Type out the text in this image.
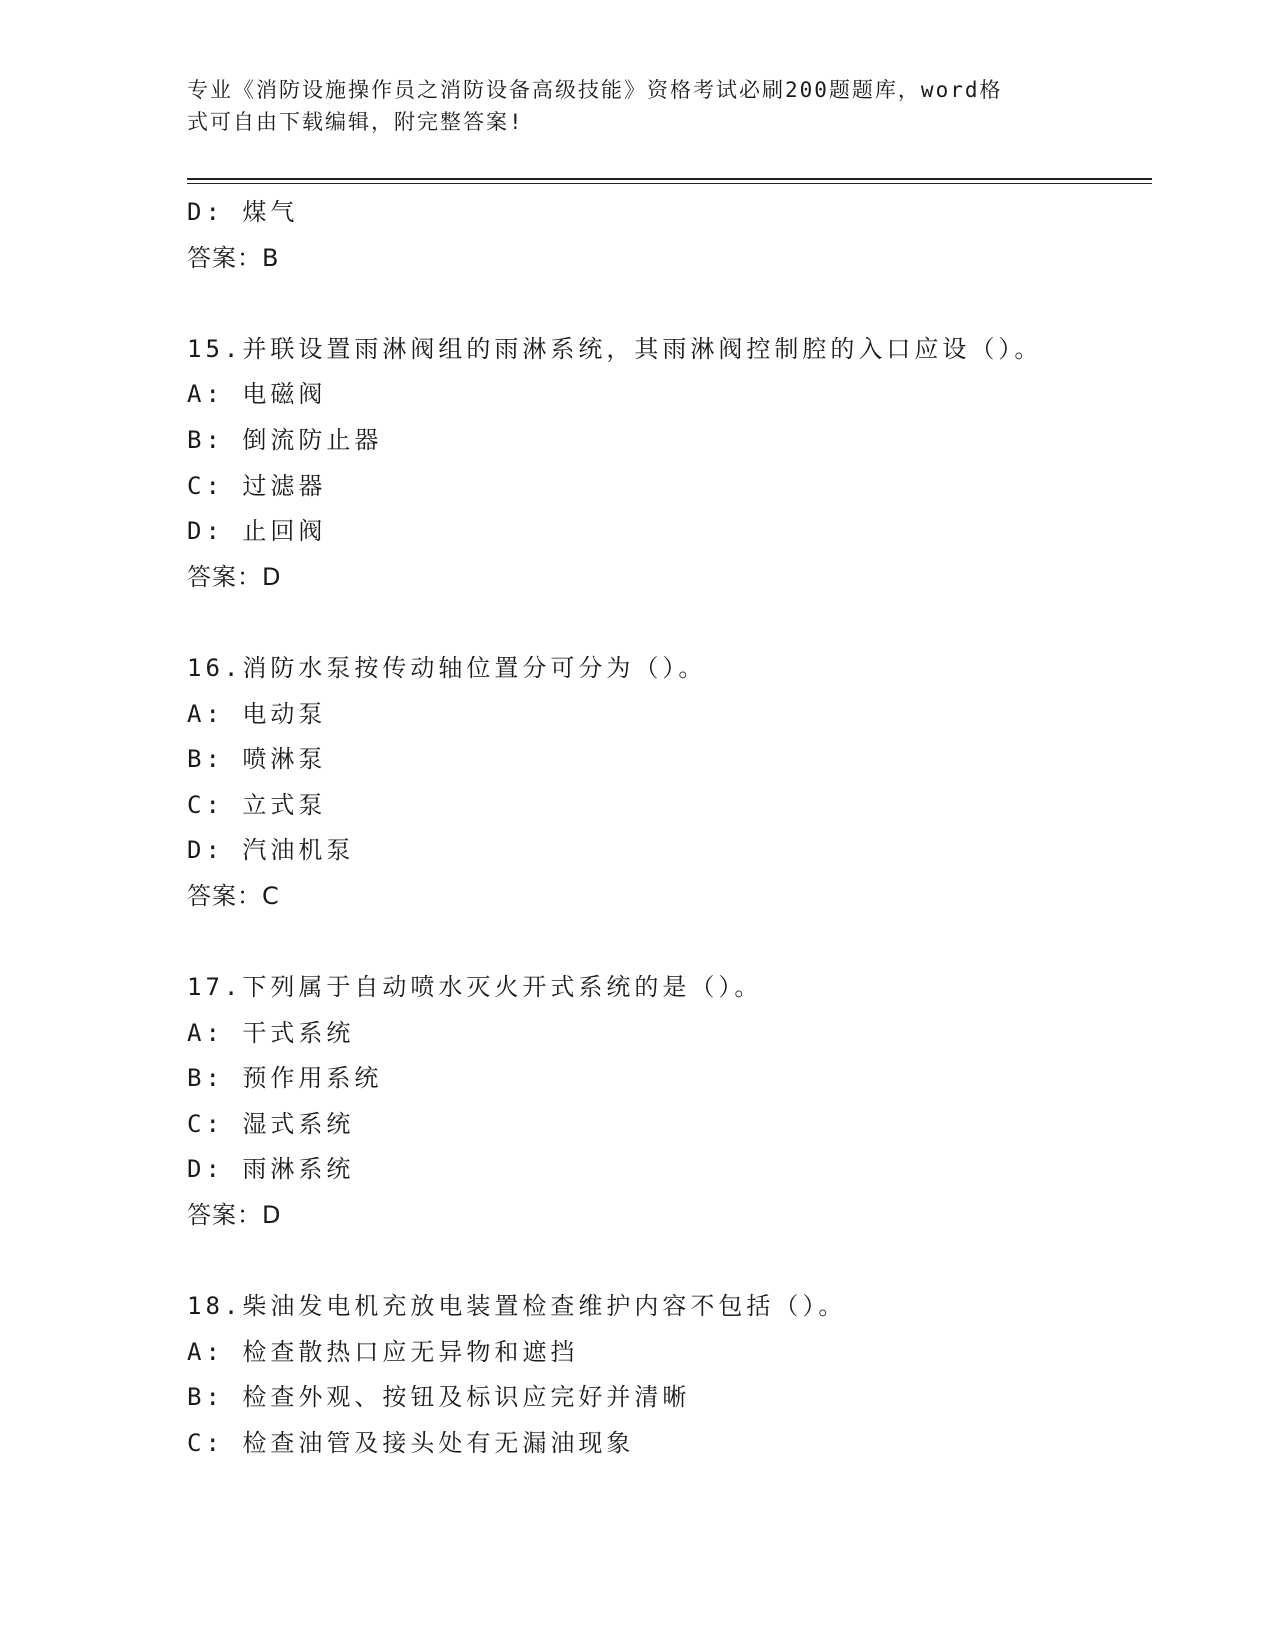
专业《消防设施操作员之消防设备高级技能》资格考试必刷200题题库，word格
式可自由下载编辑，附完整答案!
D: 煤气
答案：B
15.并联设置雨淋阀组的雨淋系统，其雨淋阀控制腔的入口应设（）。
A: 电磁阀
B: 倒流防止器
C: 过滤器
D: 止回阀
答案：D
16.消防水泵按传动轴位置分可分为（）。
A: 电动泵
B: 喷淋泵
C: 立式泵
D: 汽油机泵
答案：C
17.下列属于自动喷水灭火开式系统的是（）。
A: 干式系统
B: 预作用系统
C: 湿式系统
D: 雨淋系统
答案：D
18.柴油发电机充放电装置检查维护内容不包括（）。
A: 检查散热口应无异物和遮挡
B: 检查外观、按钮及标识应完好并清晰
C: 检查油管及接头处有无漏油现象
